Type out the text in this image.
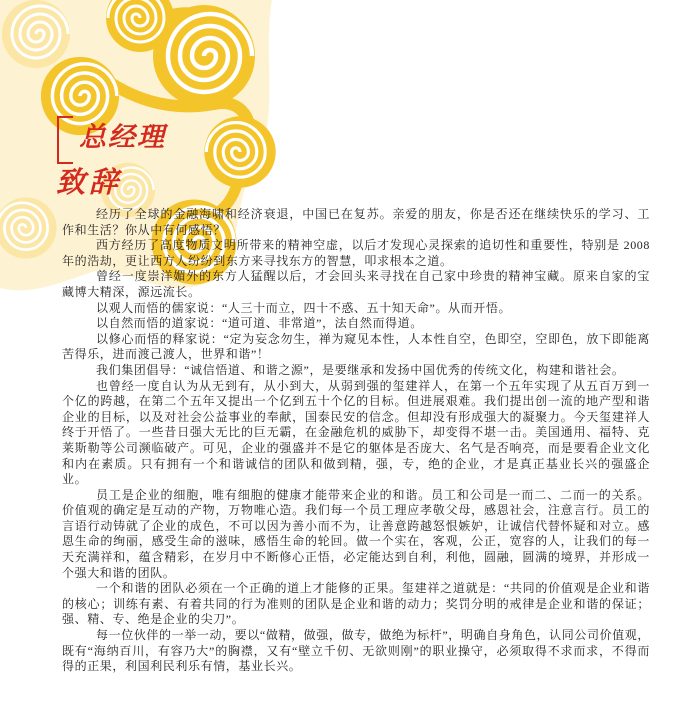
总经理
致辞

经历了全球的金融海啸和经济衰退，中国已在复苏。亲爱的朋友，你是否还在继续快乐的学习、工作和生活？你从中有何感悟？

西方经历了高度物质文明所带来的精神空虚，以后才发现心灵探索的追切性和重要性，特别是 2008 年的浩劫，更让西方人纷纷到东方来寻找东方的智慧，叩求根本之道。

曾经一度崇洋媚外的东方人猛醒以后，才会回头来寻找在自己家中珍贵的精神宝藏。原来自家的宝藏博大精深，源远流长。

以观人而悟的儒家说：“人三十而立，四十不惑、五十知天命”。从而开悟。

以自然而悟的道家说：“道可道、非常道”，法自然而得道。

以修心而悟的释家说：“定为妄念勿生，禅为窥见本性，人本性自空，色即空，空即色，放下即能离苦得乐，进而渡己渡人，世界和谐”！

我们集团倡导：“诚信悟道、和谐之源”，是要继承和发扬中国优秀的传统文化，构建和谐社会。

也曾经一度自认为从无到有，从小到大，从弱到强的玺建祥人，在第一个五年实现了从五百万到一个亿的跨越，在第二个五年又提出一个亿到五十个亿的目标。但进展艰难。我们提出创一流的地产型和谐企业的目标，以及对社会公益事业的奉献，国泰民安的信念。但却没有形成强大的凝聚力。今天玺建祥人终于开悟了。一些昔日强大无比的巨无霸，在金融危机的威胁下，却变得不堪一击。美国通用、福特、克莱斯勒等公司濒临破产。可见，企业的强盛并不是它的躯体是否庞大、名气是否响亮，而是要看企业文化和内在素质。只有拥有一个和谐诚信的团队和做到精，强，专，绝的企业，才是真正基业长兴的强盛企业。

员工是企业的细胞，唯有细胞的健康才能带来企业的和谐。员工和公司是一而二、二而一的关系。价值观的确定是互动的产物，万物唯心造。我们每一个员工理应孝敬父母，感恩社会，注意言行。员工的言语行动铸就了企业的成色，不可以因为善小而不为，让善意跨越怒恨嫉妒，让诚信代替怀疑和对立。感恩生命的绚丽，感受生命的滋味，感悟生命的轮回。做一个实在，客观，公正，宽容的人，让我们的每一天充满祥和，蕴含精彩，在岁月中不断修心正悟，必定能达到自利，利他，圆融，圆满的境界，并形成一个强大和谐的团队。

一个和谐的团队必须在一个正确的道上才能修的正果。玺建祥之道就是：“共同的价值观是企业和谐的核心；训练有素、有着共同的行为准则的团队是企业和谐的动力；奖罚分明的戒律是企业和谐的保证；强、精、专、绝是企业的尖刀”。

每一位伙伴的一举一动，要以“做精，做强，做专，做绝为标杆”，明确自身角色，认同公司价值观，既有“海纳百川，有容乃大”的胸襟，又有“壁立千仞、无欲则刚”的职业操守，必须取得不求而求，不得而得的正果，利国利民利乐有情，基业长兴。
